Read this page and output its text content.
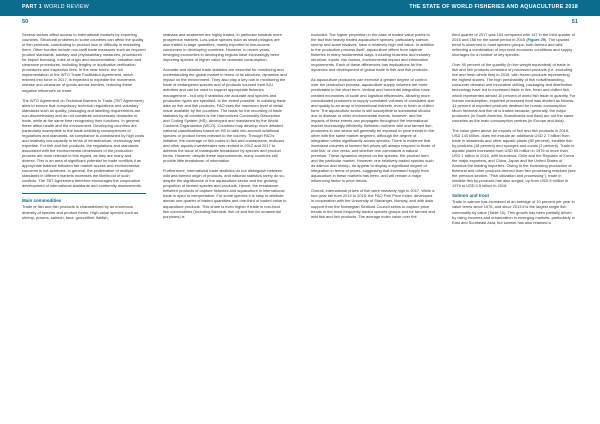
PART 1 WORLD REVIEW	THE STATE OF WORLD FISHERIES AND AQUACULTURE 2018
50	51

Several factors affect access to international markets by exporting countries. Structural problems in some countries can affect the quality of fish products, contributing to product loss or difficulty in marketing them. Other hurdles include non-tariff trade measures such as required product standards, sanitary and phytosanitary measures, procedures for import licensing, rules of origin and documentation, valuation and clearance procedures, including lengthy or duplicative verification procedures and inspection fees. In the near future, the full implementation of the WTO Trade Facilitation Agreement, which entered into force in 2017, is expected to expedite the movement, release and clearance of goods across borders, reducing these negative influences on trade.

The WTO Agreement on Technical Barriers to Trade (TBT Agreement) aims to ensure that compulsory technical regulations and voluntary standards such as quality, packaging and labelling requirements are non-discriminatory and do not constitute unnecessary obstacles to trade, while at the same time recognizing their functions. In general, these affect health and the environment. Developing countries are particularly susceptible to the trade-inhibiting consequences of regulations and standards, as compliance is constrained by high costs and relatively low capacity in terms of infrastructure, technology and expertise. For fish and fish products, the regulations and standards associated with the environmental dimensions of the production process are most relevant in this regard, as they are many and diverse. This is an area of significant potential for trade conflicts if an appropriate balance between fair market access and environmental concerns is not achieved. In general, the proliferation of multiple standards in different markets increases the likelihood of such conflicts. The TBT Agreement therefore encourages the cooperative development of international standards and conformity assessments.

Main commodities

Trade of fish and fish products is characterized by an enormous diversity of species and product forms. High-value species such as shrimp, prawns, salmon, tuna, groundfish, flatfish,

seabass and seabream are highly traded, in particular towards more prosperous markets. Low-value species such as small pelagics are also traded in large quantities, mainly exported to low-income consumers in developing countries. However, in recent years, emerging economies in developing regions have increasingly been importing species of higher value for domestic consumption.

Accurate and detailed trade statistics are essential for monitoring and understanding the global market in terms of its structure, dynamics and impact on the environment. They also play a key role in monitoring the trade of endangered species and of products sourced from IUU activities and can be used to support appropriate fisheries management – but only if statistics are accurate and species and production types are specified, to the extent possible. In collating trade data on fish and fish products, FAO uses the maximum level of detail made available by the countries. The basis for the recording of trade statistics by all countries is the Harmonized Commodity Description and Coding System (HS), developed and maintained by the World Customs Organization (WCO). Countries may develop more detailed national classifications based on HS to take into account additional species or product forms relevant to the country. Through FAO's initiative, the coverage of fish codes in fish and crustaceans, molluscs and other aquatic invertebrates was revised in 2012 and 2017 to address the issue of inadequate breakdown by species and product forms. However, despite these improvements, many countries still provide little breakdown of information.

Furthermore, international trade statistics do not distinguish between wild and farmed origin of products, and national statistics rarely do so, despite the significance of the aquaculture sector and the growing proportion of farmed species and products. Hence, the breakdown between products of capture fisheries and aquaculture in international trade is open to interpretation. For some species it is easy to attribute almost one-quarter of traded quantities and one-third of traded value to aquaculture products. This share is even higher if trade in non-food fish commodities (including fishmeal, fish oil and fish for ornamental purposes) is

excluded. The higher proportion in the case of traded value points to the fact that heavily traded aquaculture species, particularly salmon, shrimp and some bivalves, have a relatively high unit value. In addition to the production process itself, aquaculture differs from capture fisheries in many fundamental ways, including business and industry structure, inputs, risk factors, environmental impact and information requirements. Each of these differences has implications for the dynamics and development of global trade in fish and fish products.

As aquaculture producers can exercise a greater degree of control over the production process, aquaculture supply volumes are more predictable in the short term. Vertical and horizontal integration have created economies of scale and logistical efficiencies, allowing more consolidated producers to supply consistent volumes of consistent size and quality to an array of international markets, even in fresh or chilled form. The aquaculture sector is still susceptible to substantial shocks due to disease or other environmental events, however, and the impacts of these events can propagate throughout the international market increasingly efficiently. Between northern wild and farmed fish, producers in one sector will generally be exposed to price trends in the other with the same market segment, although the degree of integration varies significantly across species. There is evidence that increased volumes of farmed fish prices will always respond to those of wild fish, or vice versa, and whether one commands a natural premium. These dynamics depend on the species, the product form and the particular market. However, one relatively traded species such as salmon and shrimp, do appear to display a significant degree of integration in terms of prices, suggesting that increased supply from aquaculture in these markets has been, and will remain a major influencing factor in price trends.

Overall, international prices of fish were relatively high in 2017. While a four-year fall from 2014 to 2016, the FAO Fish Price Index, developed in cooperation with the University of Stavanger, Norway, and with data support from the Norwegian Seafood Council seeks to capture price trends in the most frequently traded species groups and for farmed and wild fish and fish products. The average index value over the

third quarter of 2017 was 153 compared with 147 in the third quarter of 2016 and 158 for the same period in 2015 (Figure 29). The upward trend is observed in most species groups, both farmed and wild, reflecting a combination of improved economic conditions and supply shortages for a number of key species.

Over 90 percent of the quantity (in live weight equivalent) of trade in fish and fish products consisted of processed products (i.e. excluding live and fresh whole fish) in 2016, with frozen products representing the highest shares. The high perishability of fish notwithstanding, consumer demand and innovative chilling, packaging and distribution technology have led to increased trade in live, fresh and chilled fish, which represented almost 10 percent of world fish trade in quantity. For human consumption, exported processed food was divided as follows: 41 percent of exported products destined for human consumption. Much fishmeal and fish oil is traded because, generally, the major producers (in South America, Scandinavia and Asia) are not the same countries as the main consumption centres (in Europe and Asia).

The value given above for exports of fish and fish products in 2016, USD 143 billion, does not include an additional USD 2.7 billion from trade in seaweeds and other aquatic plants (80 percent), inedible fish by-products (18 percent) and sponges and corals (2 percent). Trade in aquatic plants increased from USD 65 million in 1976 to more than USD 1 billion in 2016, with Indonesia, Chile and the Republic of Korea the major exporters, and China, Japan and the United States of America the leading importers. Owing to the increasing production of fishmeal and other products derived from fish processing residues (see the previous section, "Fish utilization and processing"), trade in inedible fish by-products has also surged, up from USD 5 million in 1976 to USD 0.5 billion in 2016.

Salmon and trout

Trade in salmon has increased at an average of 10 percent per year in value terms since 1976, and since 2013 it is the largest single fish commodity by value (Table 10). This growth has been partially driven by rising incomes and urbanization in emerging markets, particularly in East and Southeast Asia, but salmon has also retained a
